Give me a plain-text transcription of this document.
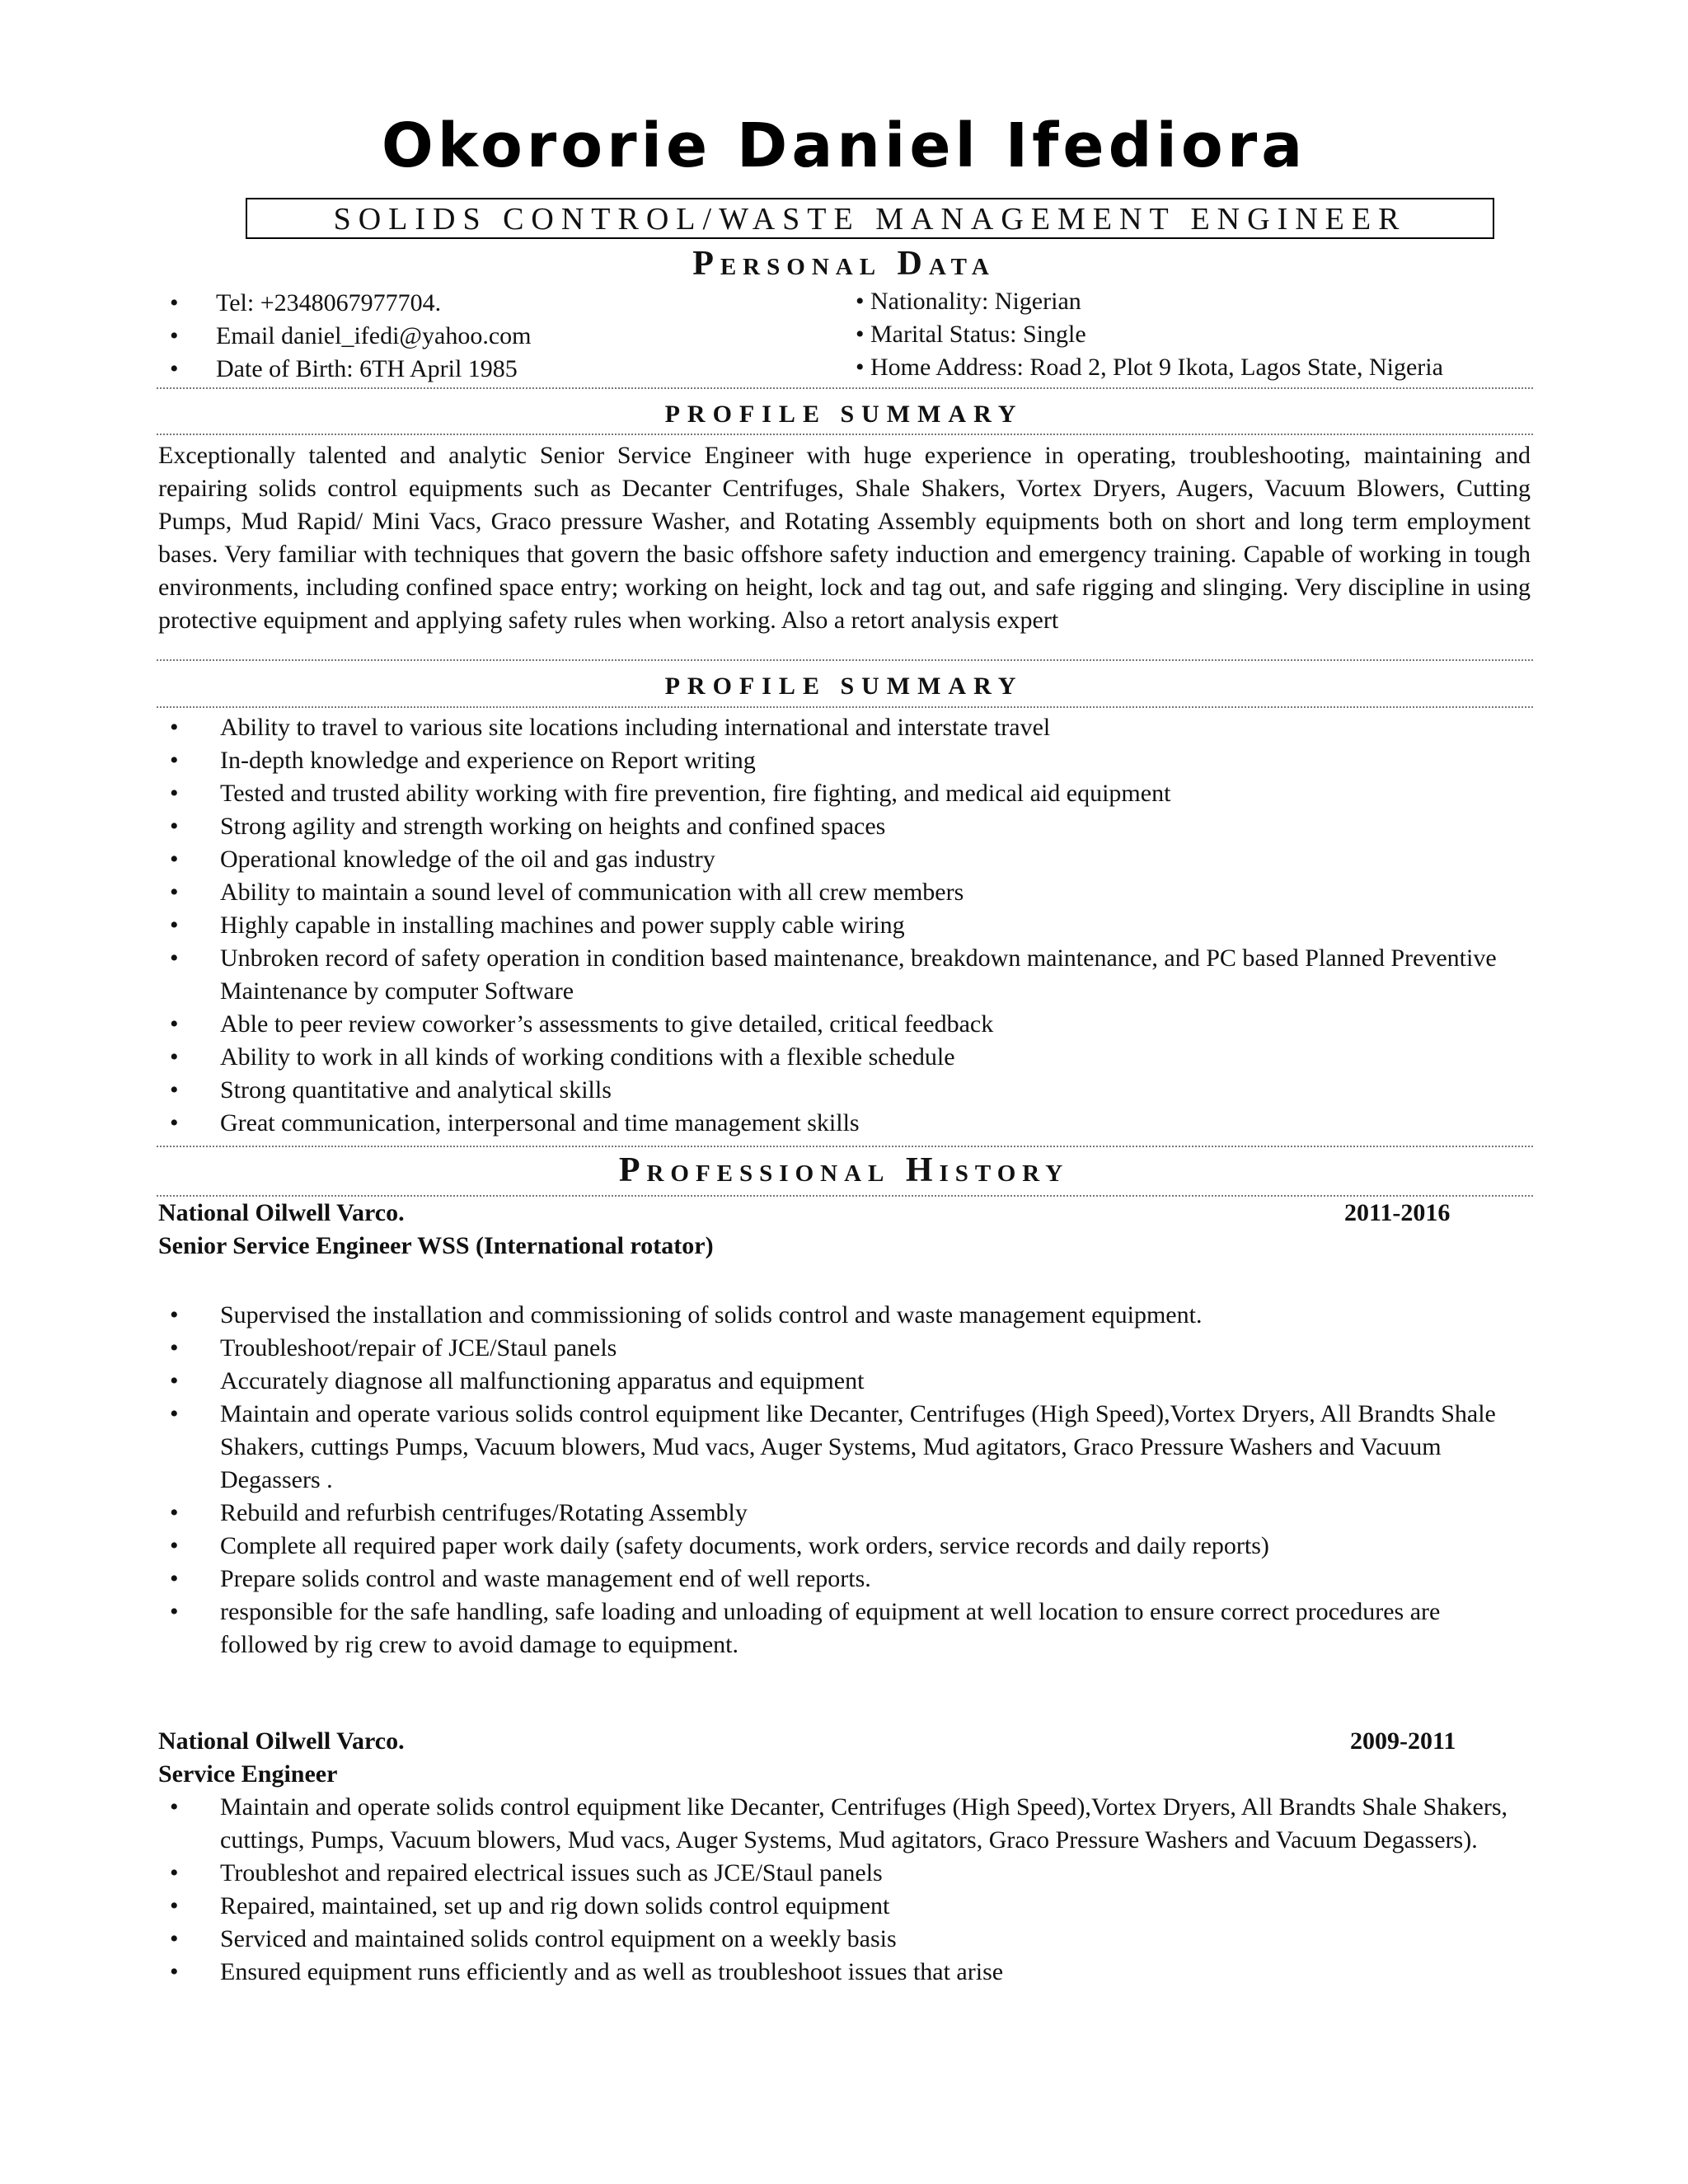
Okororie Daniel Ifediora
SOLIDS CONTROL/WASTE MANAGEMENT ENGINEER
Personal Data
•	Tel: +2348067977704.
•	Email daniel_ifedi@yahoo.com
•	Date of Birth: 6TH April 1985
• Nationality: Nigerian
• Marital Status: Single
• Home Address: Road 2, Plot 9 Ikota, Lagos State, Nigeria
PROFILE SUMMARY
Exceptionally talented and analytic Senior Service Engineer with huge experience in operating, troubleshooting, maintaining and repairing solids control equipments such as Decanter Centrifuges, Shale Shakers, Vortex Dryers, Augers, Vacuum Blowers, Cutting Pumps, Mud Rapid/ Mini Vacs, Graco pressure Washer, and Rotating Assembly equipments both on short and long term employment bases. Very familiar with techniques that govern the basic offshore safety induction and emergency training. Capable of working in tough environments, including confined space entry; working on height, lock and tag out, and safe rigging and slinging. Very discipline in using protective equipment and applying safety rules when working. Also a retort analysis expert
PROFILE SUMMARY
• Ability to travel to various site locations including international and interstate travel
• In-depth knowledge and experience on Report writing
• Tested and trusted ability working with fire prevention, fire fighting, and medical aid equipment
• Strong agility and strength working on heights and confined spaces
• Operational knowledge of the oil and gas industry
• Ability to maintain a sound level of communication with all crew members
• Highly capable in installing machines and power supply cable wiring
• Unbroken record of safety operation in condition based maintenance, breakdown maintenance, and PC based Planned Preventive Maintenance by computer Software
• Able to peer review coworker’s assessments to give detailed, critical feedback
• Ability to work in all kinds of working conditions with a flexible schedule
• Strong quantitative and analytical skills
• Great communication, interpersonal and time management skills
Professional History
National Oilwell Varco.	2011-2016
Senior Service Engineer WSS (International rotator)
• Supervised the installation and commissioning of solids control and waste management equipment.
• Troubleshoot/repair of JCE/Staul panels
• Accurately diagnose all malfunctioning apparatus and equipment
• Maintain and operate various solids control equipment like Decanter, Centrifuges (High Speed),Vortex Dryers, All Brandts Shale Shakers, cuttings Pumps, Vacuum blowers, Mud vacs, Auger Systems, Mud agitators, Graco Pressure Washers and Vacuum Degassers .
• Rebuild and refurbish centrifuges/Rotating Assembly
• Complete all required paper work daily (safety documents, work orders, service records and daily reports)
• Prepare solids control and waste management end of well reports.
• responsible for the safe handling, safe loading and unloading of equipment at well location to ensure correct procedures are followed by rig crew to avoid damage to equipment.
National Oilwell Varco.	2009-2011
Service Engineer
• Maintain and operate solids control equipment like Decanter, Centrifuges (High Speed),Vortex Dryers, All Brandts Shale Shakers, cuttings, Pumps, Vacuum blowers, Mud vacs, Auger Systems, Mud agitators, Graco Pressure Washers and Vacuum Degassers).
• Troubleshot and repaired electrical issues such as JCE/Staul panels
• Repaired, maintained, set up and rig down solids control equipment
• Serviced and maintained solids control equipment on a weekly basis
• Ensured equipment runs efficiently and as well as troubleshoot issues that arise
